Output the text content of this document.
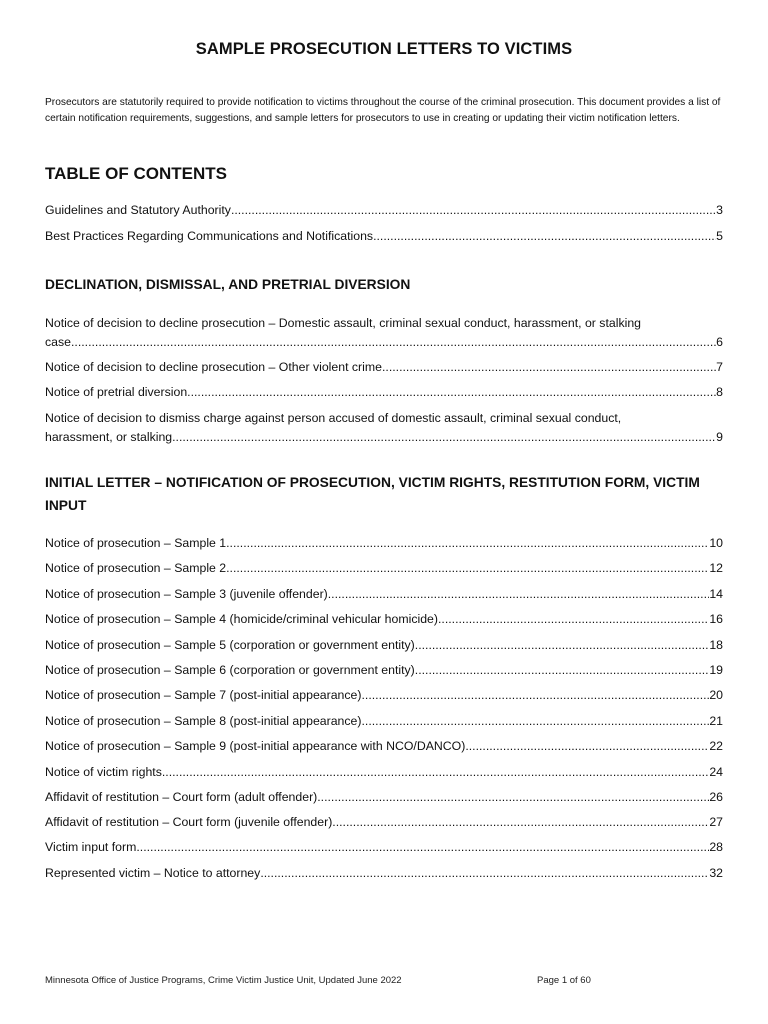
SAMPLE PROSECUTION LETTERS TO VICTIMS
Prosecutors are statutorily required to provide notification to victims throughout the course of the criminal prosecution. This document provides a list of certain notification requirements, suggestions, and sample letters for prosecutors to use in creating or updating their victim notification letters.
TABLE OF CONTENTS
Guidelines and Statutory Authority .....	3
Best Practices Regarding Communications and Notifications .....	5
DECLINATION, DISMISSAL, AND PRETRIAL DIVERSION
Notice of decision to decline prosecution – Domestic assault, criminal sexual conduct, harassment, or stalking
case .....	6
Notice of decision to decline prosecution – Other violent crime .....	7
Notice of pretrial diversion .....	8
Notice of decision to dismiss charge against person accused of domestic assault, criminal sexual conduct,
harassment, or stalking .....	9
INITIAL LETTER – NOTIFICATION OF PROSECUTION, VICTIM RIGHTS, RESTITUTION FORM, VICTIM INPUT
Notice of prosecution – Sample 1 .....	10
Notice of prosecution – Sample 2 .....	12
Notice of prosecution – Sample 3 (juvenile offender) .....	14
Notice of prosecution – Sample 4 (homicide/criminal vehicular homicide) .....	16
Notice of prosecution – Sample 5 (corporation or government entity) .....	18
Notice of prosecution – Sample 6 (corporation or government entity) .....	19
Notice of prosecution – Sample 7 (post-initial appearance) .....	20
Notice of prosecution – Sample 8 (post-initial appearance) .....	21
Notice of prosecution – Sample 9 (post-initial appearance with NCO/DANCO) .....	22
Notice of victim rights .....	24
Affidavit of restitution – Court form (adult offender) .....	26
Affidavit of restitution – Court form (juvenile offender) .....	27
Victim input form .....	28
Represented victim – Notice to attorney .....	32
Minnesota Office of Justice Programs, Crime Victim Justice Unit, Updated June 2022	Page 1 of 60
